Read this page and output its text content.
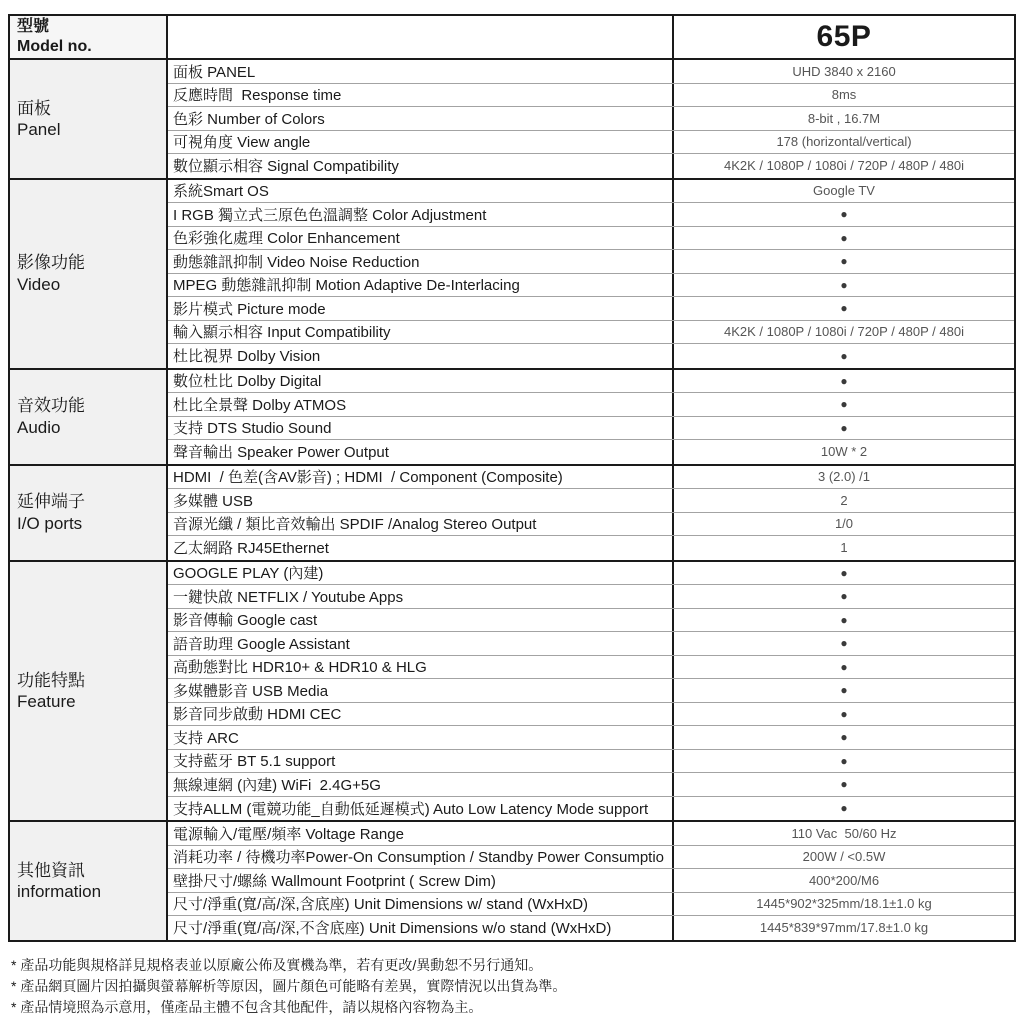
型號
Model no.	65P
面板
Panel
面板 PANEL	UHD 3840 x 2160
反應時間  Response time	8ms
色彩 Number of Colors	8-bit , 16.7M
可視角度 View angle	178 (horizontal/vertical)
數位顯示相容 Signal Compatibility	4K2K / 1080P / 1080i / 720P / 480P / 480i
影像功能
Video
系統Smart OS	Google TV
I RGB 獨立式三原色色溫調整 Color Adjustment	●
色彩強化處理 Color Enhancement	●
動態雜訊抑制 Video Noise Reduction	●
MPEG 動態雜訊抑制 Motion Adaptive De-Interlacing	●
影片模式 Picture mode	●
輸入顯示相容 Input Compatibility	4K2K / 1080P / 1080i / 720P / 480P / 480i
杜比視界 Dolby Vision	●
音效功能
Audio
數位杜比 Dolby Digital	●
杜比全景聲 Dolby ATMOS	●
支持 DTS Studio Sound	●
聲音輸出 Speaker Power Output	10W * 2
延伸端子
I/O ports
HDMI  / 色差(含AV影音) ; HDMI  / Component (Composite)	3 (2.0) /1
多媒體 USB	2
音源光纖 / 類比音效輸出 SPDIF /Analog Stereo Output	1/0
乙太網路 RJ45Ethernet	1
功能特點
Feature
GOOGLE PLAY (內建)	●
一鍵快啟 NETFLIX / Youtube Apps	●
影音傳輸 Google cast	●
語音助理 Google Assistant	●
高動態對比 HDR10+ & HDR10 & HLG	●
多媒體影音 USB Media	●
影音同步啟動 HDMI CEC	●
支持 ARC	●
支持藍牙 BT 5.1 support	●
無線連網 (內建) WiFi  2.4G+5G	●
支持ALLM (電競功能_自動低延遲模式) Auto Low Latency Mode support	●
其他資訊
information
電源輸入/電壓/頻率 Voltage Range	110 Vac  50/60 Hz
消耗功率 / 待機功率Power-On Consumption / Standby Power Consumptio	200W / <0.5W
壁掛尺寸/螺絲 Wallmount Footprint ( Screw Dim)	400*200/M6
尺寸/淨重(寬/高/深,含底座) Unit Dimensions w/ stand (WxHxD)	1445*902*325mm/18.1±1.0 kg
尺寸/淨重(寬/高/深,不含底座) Unit Dimensions w/o stand (WxHxD)	1445*839*97mm/17.8±1.0 kg
* 產品功能與規格詳見規格表並以原廠公佈及實機為準，若有更改/異動恕不另行通知。
* 產品網頁圖片因拍攝與螢幕解析等原因，圖片顏色可能略有差異，實際情況以出貨為準。
* 產品情境照為示意用，僅產品主體不包含其他配件，請以規格內容物為主。
